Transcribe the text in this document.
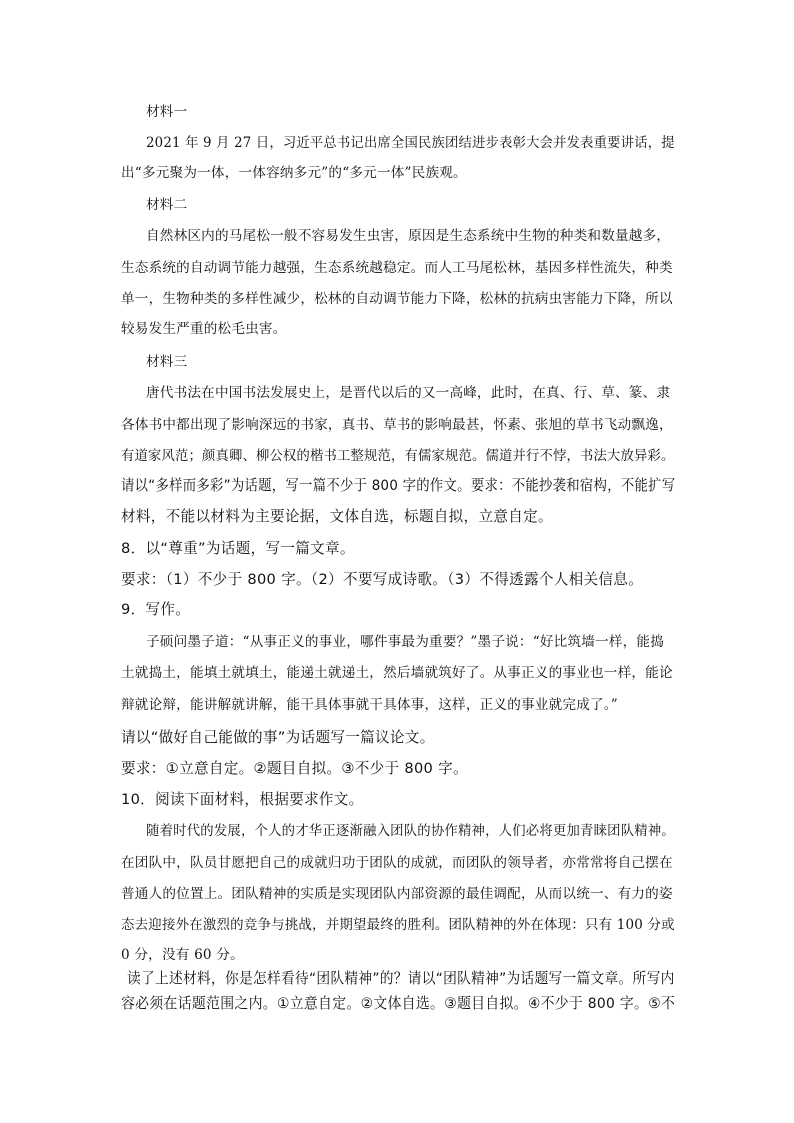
材料一
2021 年 9 月 27 日，习近平总书记出席全国民族团结进步表彰大会并发表重要讲话，提
出“多元聚为一体，一体容纳多元”的“多元一体”民族观。
材料二
自然林区内的马尾松一般不容易发生虫害，原因是生态系统中生物的种类和数量越多，
生态系统的自动调节能力越强，生态系统越稳定。而人工马尾松林，基因多样性流失，种类
单一，生物种类的多样性减少，松林的自动调节能力下降，松林的抗病虫害能力下降，所以
较易发生严重的松毛虫害。
材料三
唐代书法在中国书法发展史上，是晋代以后的又一高峰，此时，在真、行、草、篆、隶
各体书中都出现了影响深远的书家，真书、草书的影响最甚，怀素、张旭的草书飞动飘逸，
有道家风范；颜真卿、柳公权的楷书工整规范，有儒家规范。儒道并行不悖，书法大放异彩。
请以“多样而多彩”为话题，写一篇不少于 800 字的作文。要求：不能抄袭和宿构，不能扩写
材料，不能以材料为主要论据，文体自选，标题自拟，立意自定。
8．以“尊重”为话题，写一篇文章。
要求：（1）不少于 800 字。（2）不要写成诗歌。（3）不得透露个人相关信息。
9．写作。
子硕问墨子道：“从事正义的事业，哪件事最为重要？”墨子说：“好比筑墙一样，能捣
土就捣土，能填土就填土，能递土就递土，然后墙就筑好了。从事正义的事业也一样，能论
辩就论辩，能讲解就讲解，能干具体事就干具体事，这样，正义的事业就完成了。”
请以“做好自己能做的事”为话题写一篇议论文。
要求：①立意自定。②题目自拟。③不少于 800 字。
10．阅读下面材料，根据要求作文。
随着时代的发展，个人的才华正逐渐融入团队的协作精神，人们必将更加青睐团队精神。
在团队中，队员甘愿把自己的成就归功于团队的成就，而团队的领导者，亦常常将自己摆在
普通人的位置上。团队精神的实质是实现团队内部资源的最佳调配，从而以统一、有力的姿
态去迎接外在激烈的竞争与挑战，并期望最终的胜利。团队精神的外在体现：只有 100 分或
0 分，没有 60 分。
读了上述材料，你是怎样看待“团队精神”的？请以“团队精神”为话题写一篇文章。所写内
容必须在话题范围之内。①立意自定。②文体自选。③题目自拟。④不少于 800 字。⑤不
